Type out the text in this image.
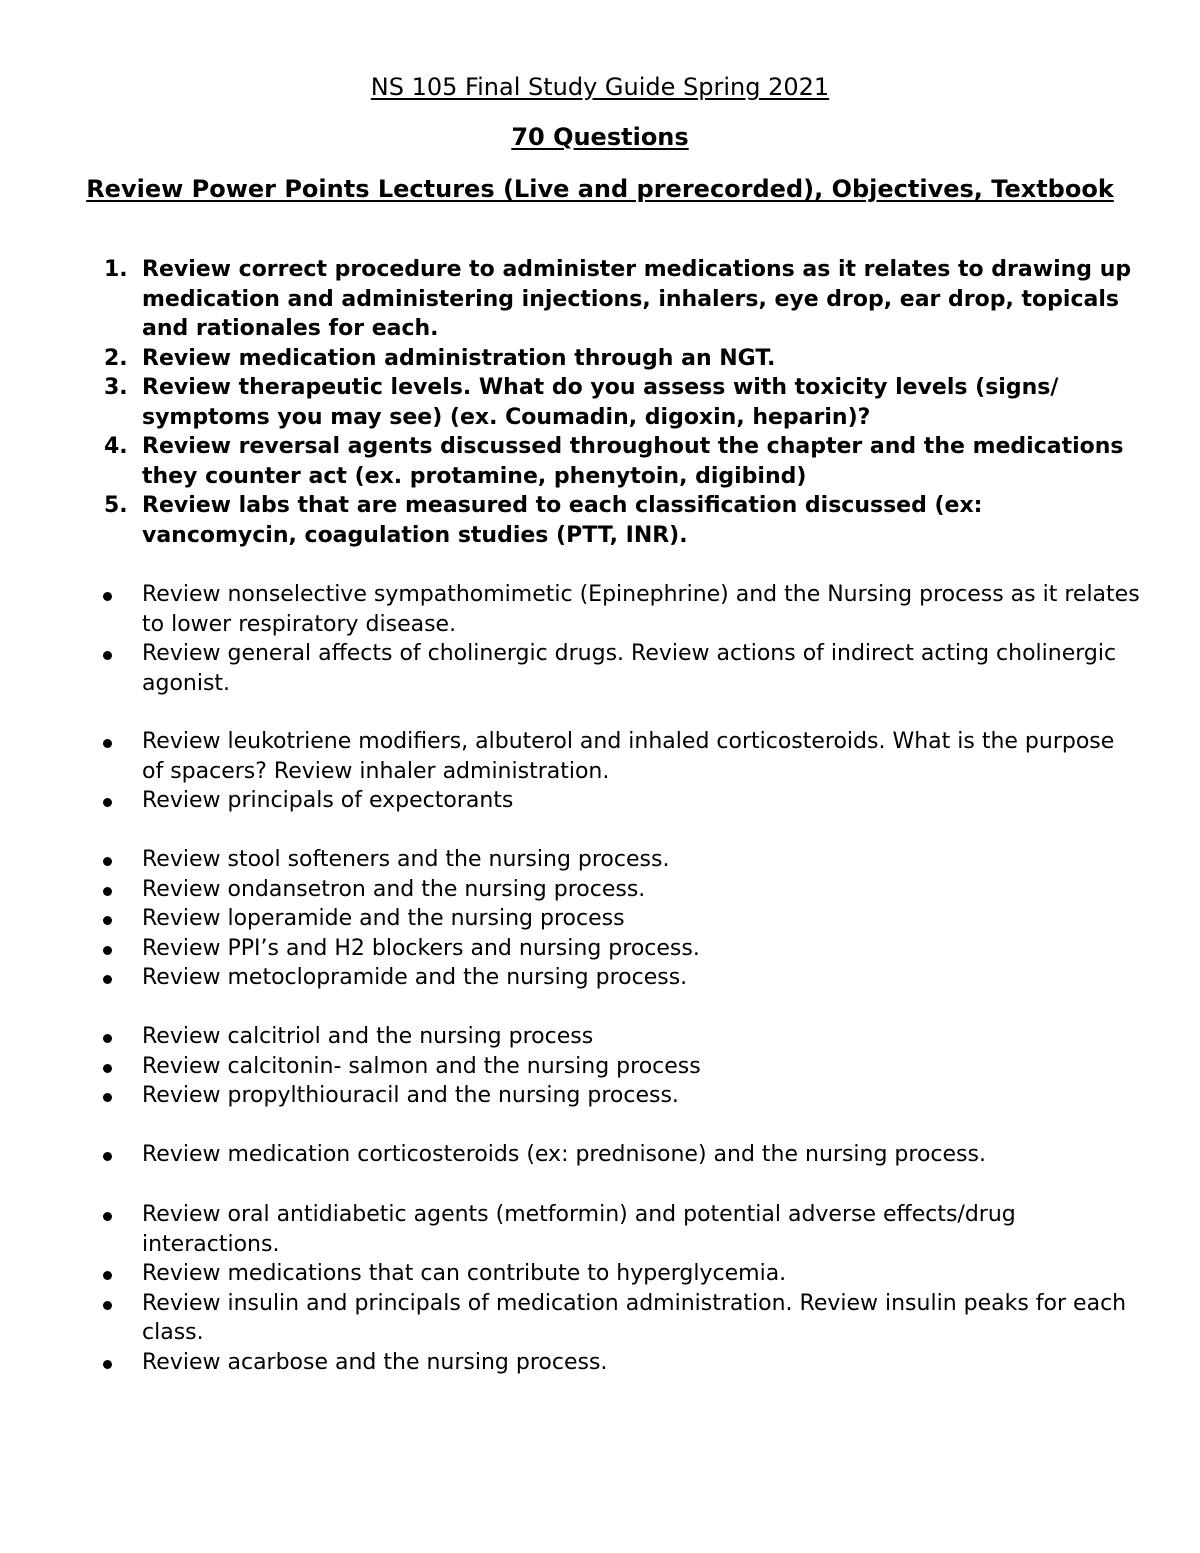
NS 105 Final Study Guide Spring 2021
70 Questions
Review Power Points Lectures (Live and prerecorded), Objectives, Textbook
1. Review correct procedure to administer medications as it relates to drawing up medication and administering injections, inhalers, eye drop, ear drop, topicals and rationales for each.
2. Review medication administration through an NGT.
3. Review therapeutic levels. What do you assess with toxicity levels (signs/ symptoms you may see) (ex. Coumadin, digoxin, heparin)?
4. Review reversal agents discussed throughout the chapter and the medications they counter act (ex. protamine, phenytoin, digibind)
5. Review labs that are measured to each classification discussed (ex: vancomycin, coagulation studies (PTT, INR).
Review nonselective sympathomimetic (Epinephrine) and the Nursing process as it relates to lower respiratory disease.
Review general affects of cholinergic drugs. Review actions of indirect acting cholinergic agonist.
Review leukotriene modifiers, albuterol and inhaled corticosteroids. What is the purpose of spacers? Review inhaler administration.
Review principals of expectorants
Review stool softeners and the nursing process.
Review ondansetron and the nursing process.
Review loperamide and the nursing process
Review PPI’s and H2 blockers and nursing process.
Review metoclopramide and the nursing process.
Review calcitriol and the nursing process
Review calcitonin- salmon and the nursing process
Review propylthiouracil and the nursing process.
Review medication corticosteroids (ex: prednisone) and the nursing process.
Review oral antidiabetic agents (metformin) and potential adverse effects/drug interactions.
Review medications that can contribute to hyperglycemia.
Review insulin and principals of medication administration. Review insulin peaks for each class.
Review acarbose and the nursing process.
